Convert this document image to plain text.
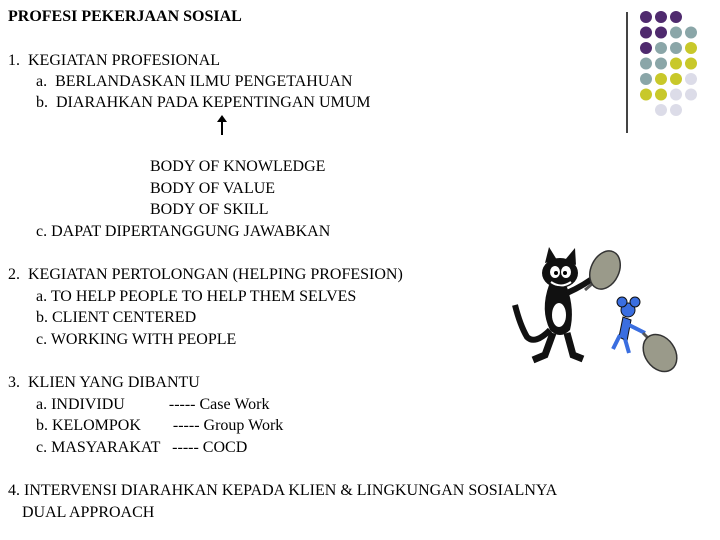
PROFESI PEKERJAAN SOSIAL
1.  KEGIATAN PROFESIONAL
a.  BERLANDASKAN ILMU PENGETAHUAN
b.  DIARAHKAN PADA KEPENTINGAN UMUM
BODY OF KNOWLEDGE
BODY OF VALUE
BODY OF SKILL
c. DAPAT DIPERTANGGUNG JAWABKAN
2.  KEGIATAN PERTOLONGAN (HELPING PROFESION)
a. TO HELP PEOPLE TO HELP THEM SELVES
b. CLIENT CENTERED
c. WORKING WITH PEOPLE
3.  KLIEN YANG DIBANTU
a. INDIVIDU           ----- Case Work
b. KELOMPOK        ----- Group Work
c. MASYARAKAT   ----- COCD
4. INTERVENSI DIARAHKAN KEPADA KLIEN & LINGKUNGAN SOSIALNYA
DUAL APPROACH
